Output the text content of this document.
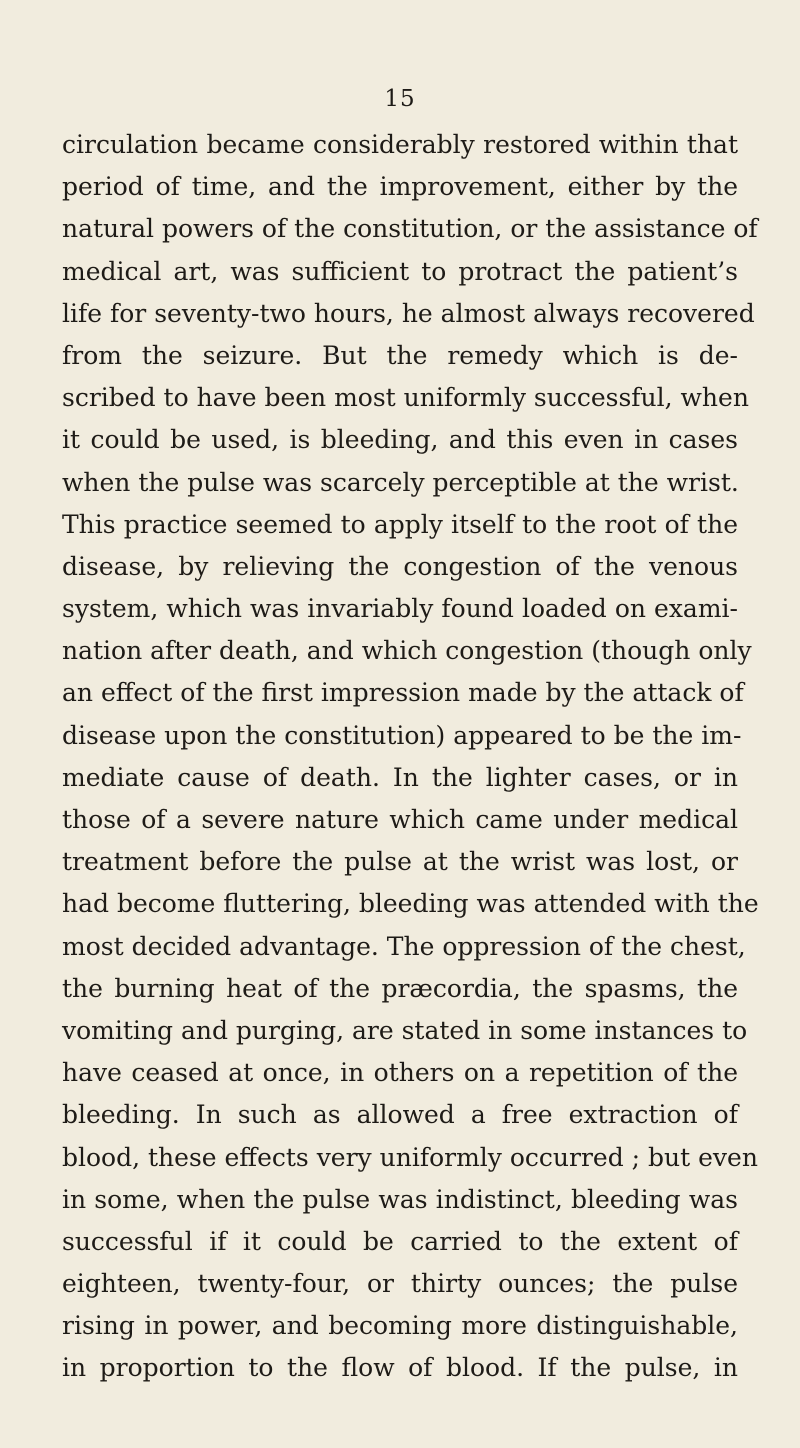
15
circulation became considerably restored within that
period of time, and the improvement, either by the
natural powers of the constitution, or the assistance of
medical art, was sufficient to protract the patient’s
life for seventy-two hours, he almost always recovered
from the seizure. But the remedy which is de-
scribed to have been most uniformly successful, when
it could be used, is bleeding, and this even in cases
when the pulse was scarcely perceptible at the wrist.
This practice seemed to apply itself to the root of the
disease, by relieving the congestion of the venous
system, which was invariably found loaded on exami-
nation after death, and which congestion (though only
an effect of the first impression made by the attack of
disease upon the constitution) appeared to be the im-
mediate cause of death. In the lighter cases, or in
those of a severe nature which came under medical
treatment before the pulse at the wrist was lost, or
had become fluttering, bleeding was attended with the
most decided advantage. The oppression of the chest,
the burning heat of the præcordia, the spasms, the
vomiting and purging, are stated in some instances to
have ceased at once, in others on a repetition of the
bleeding. In such as allowed a free extraction of
blood, these effects very uniformly occurred ; but even
in some, when the pulse was indistinct, bleeding was
successful if it could be carried to the extent of
eighteen, twenty-four, or thirty ounces; the pulse
rising in power, and becoming more distinguishable,
in proportion to the flow of blood. If the pulse, in
